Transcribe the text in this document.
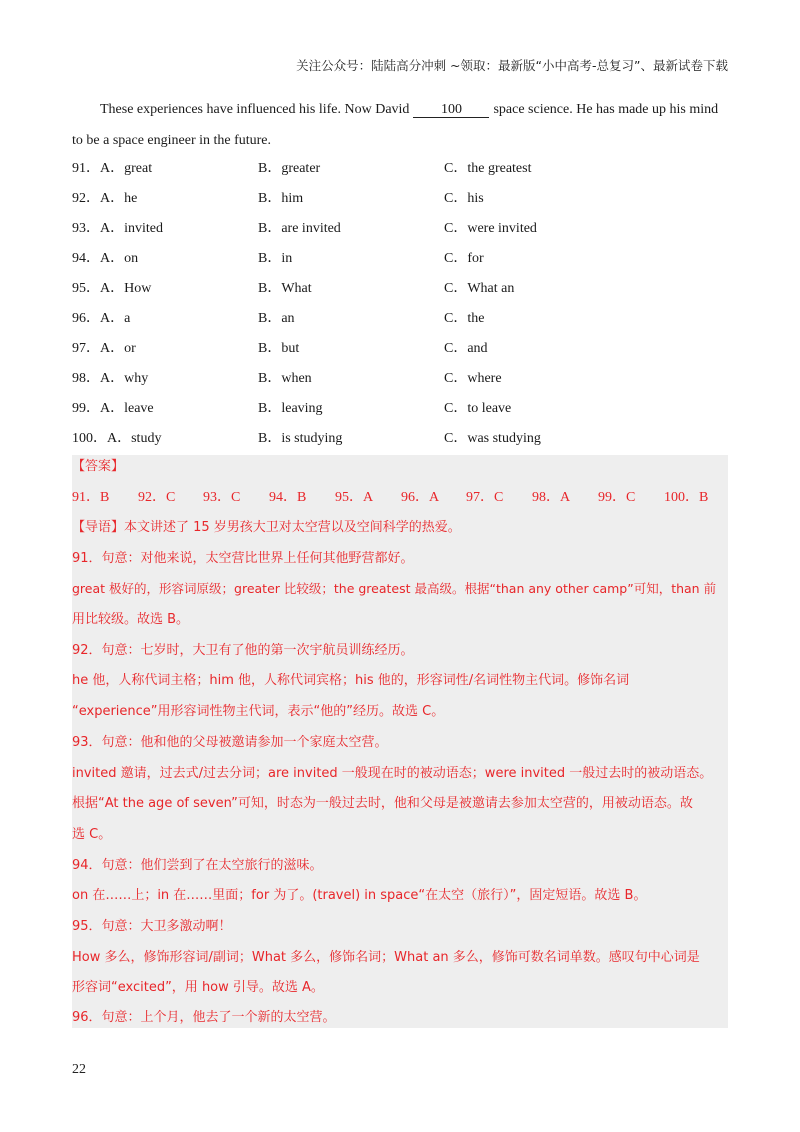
关注公众号：陆陆高分冲刺 ~领取：最新版“小中高考-总复习”、最新试卷下载
These experiences have influenced his life. Now David 100 space science. He has made up his mind
to be a space engineer in the future.
91．A．great	B．greater	C．the greatest
92．A．he	B．him	C．his
93．A．invited	B．are invited	C．were invited
94．A．on	B．in	C．for
95．A．How	B．What	C．What an
96．A．a	B．an	C．the
97．A．or	B．but	C．and
98．A．why	B．when	C．where
99．A．leave	B．leaving	C．to leave
100．A．study	B．is studying	C．was studying
【答案】
91．B 92．C 93．C 94．B 95．A 96．A 97．C 98．A 99．C 100．B
【导语】本文讲述了 15 岁男孩大卫对太空营以及空间科学的热爱。
91．句意：对他来说，太空营比世界上任何其他野营都好。
great 极好的，形容词原级；greater 比较级；the greatest 最高级。根据“than any other camp”可知，than 前
用比较级。故选 B。
92．句意：七岁时，大卫有了他的第一次宇航员训练经历。
he 他，人称代词主格；him 他，人称代词宾格；his 他的，形容词性/名词性物主代词。修饰名词
“experience”用形容词性物主代词，表示“他的”经历。故选 C。
93．句意：他和他的父母被邀请参加一个家庭太空营。
invited 邀请，过去式/过去分词；are invited 一般现在时的被动语态；were invited 一般过去时的被动语态。
根据“At the age of seven”可知，时态为一般过去时，他和父母是被邀请去参加太空营的，用被动语态。故
选 C。
94．句意：他们尝到了在太空旅行的滋味。
on 在……上；in 在……里面；for 为了。(travel) in space“在太空（旅行）”，固定短语。故选 B。
95．句意：大卫多激动啊！
How 多么，修饰形容词/副词；What 多么，修饰名词；What an 多么，修饰可数名词单数。感叹句中心词是
形容词“excited”，用 how 引导。故选 A。
96．句意：上个月，他去了一个新的太空营。
22
